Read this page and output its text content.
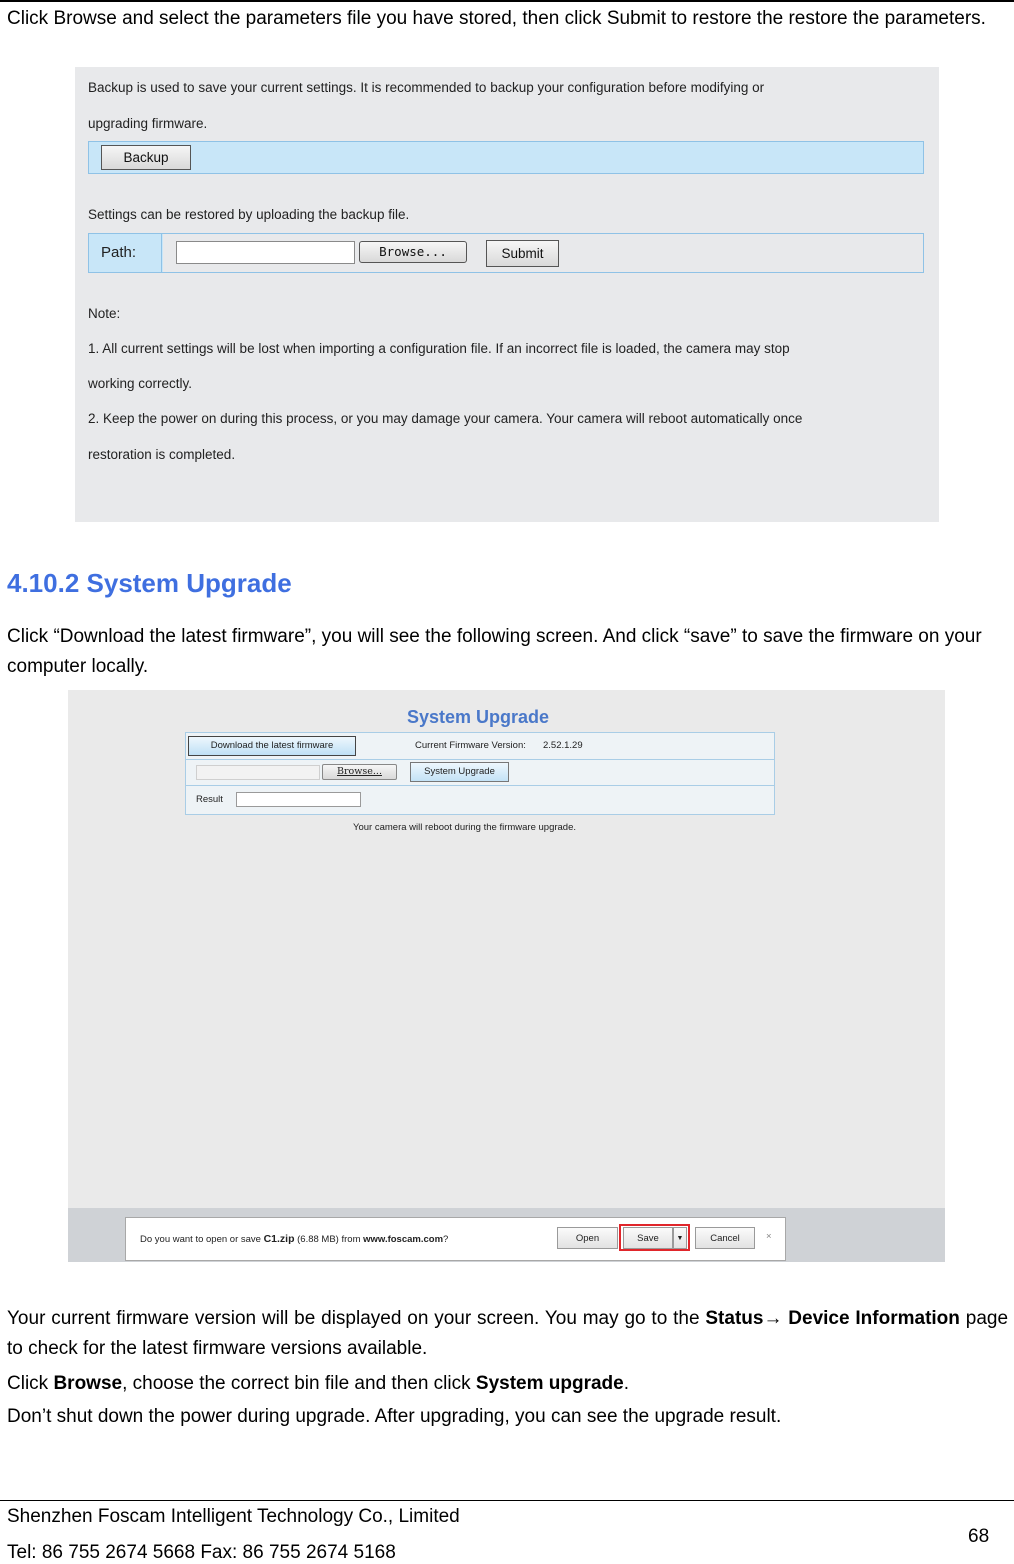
Click Browse and select the parameters file you have stored, then click Submit to restore the restore the parameters.

Backup is used to save your current settings. It is recommended to backup your configuration before modifying or
upgrading firmware.
Backup
Settings can be restored by uploading the backup file.
Path:	Browse...	Submit
Note:
1. All current settings will be lost when importing a configuration file. If an incorrect file is loaded, the camera may stop
working correctly.
2. Keep the power on during this process, or you may damage your camera. Your camera will reboot automatically once
restoration is completed.
4.10.2 System Upgrade

Click “Download the latest firmware”, you will see the following screen. And click “save” to save the firmware on your computer locally.

System Upgrade
Download the latest firmware	Current Firmware Version: 2.52.1.29
Browse...	System Upgrade
Result
Your camera will reboot during the firmware upgrade.
Do you want to open or save C1.zip (6.88 MB) from www.foscam.com?	Open	Save	▼	Cancel	×

Your current firmware version will be displayed on your screen. You may go to the Status→ Device Information page to check for the latest firmware versions available.

Click Browse, choose the correct bin file and then click System upgrade.

Don’t shut down the power during upgrade. After upgrading, you can see the upgrade result.

Shenzhen Foscam Intelligent Technology Co., Limited

Tel: 86 755 2674 5668 Fax: 86 755 2674 5168

68
